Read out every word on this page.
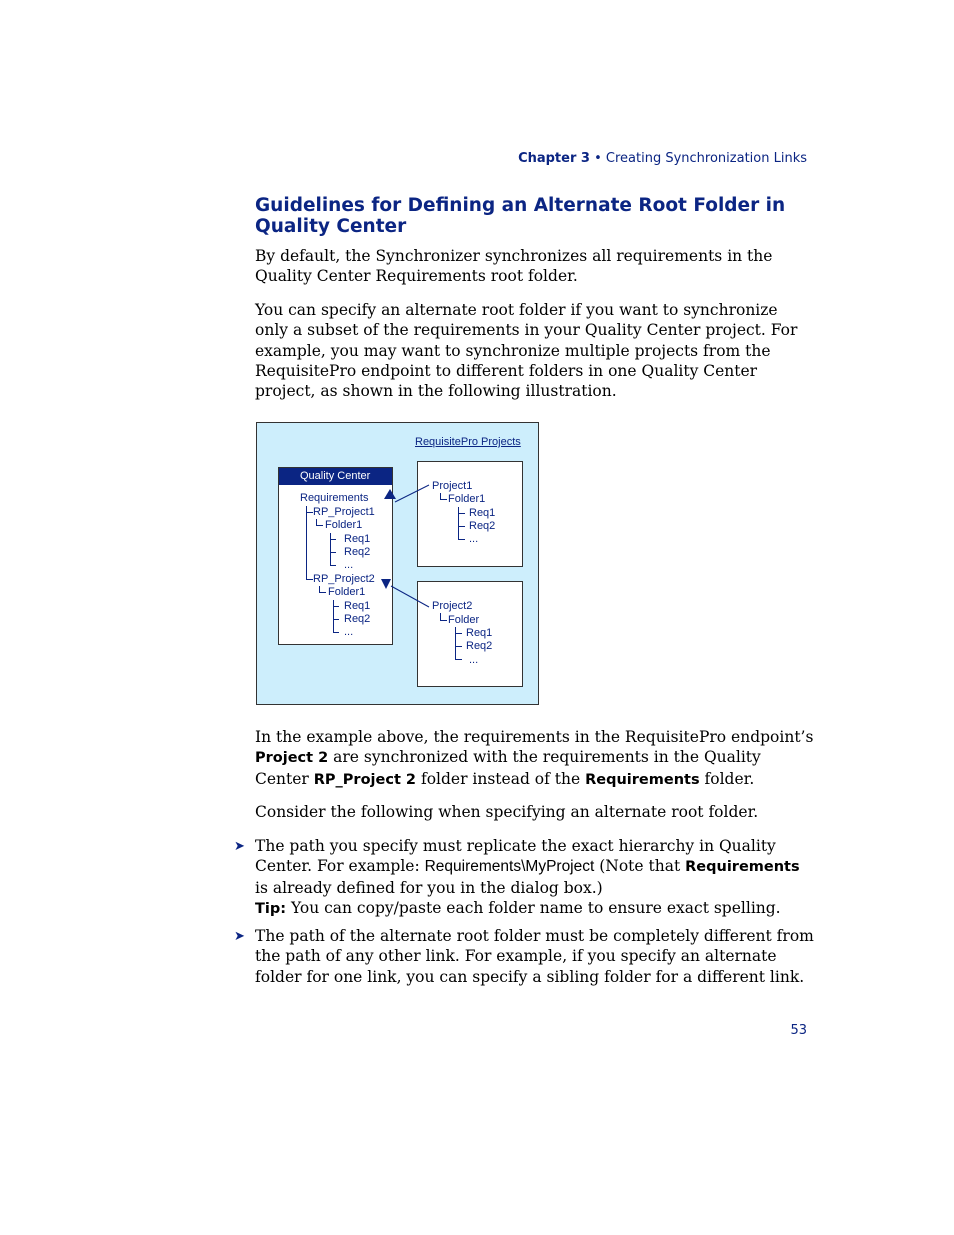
Chapter 3 • Creating Synchronization Links
Guidelines for Defining an Alternate Root Folder in Quality Center

By default, the Synchronizer synchronizes all requirements in the Quality Center Requirements root folder.

You can specify an alternate root folder if you want to synchronize only a subset of the requirements in your Quality Center project. For example, you may want to synchronize multiple projects from the RequisitePro endpoint to different folders in one Quality Center project, as shown in the following illustration.

RequisitePro Projects
Quality Center
Requirements
RP_Project1
Folder1
Req1
Req2
...
RP_Project2
Folder1
Req1
Req2
...
Project1
Folder1
Req1
Req2
...
Project2
Folder
Req1
Req2
...

In the example above, the requirements in the RequisitePro endpoint’s Project 2 are synchronized with the requirements in the Quality Center RP_Project 2 folder instead of the Requirements folder.

Consider the following when specifying an alternate root folder.

➤ The path you specify must replicate the exact hierarchy in Quality Center. For example: Requirements\MyProject (Note that Requirements is already defined for you in the dialog box.)
Tip: You can copy/paste each folder name to ensure exact spelling.

➤ The path of the alternate root folder must be completely different from the path of any other link. For example, if you specify an alternate folder for one link, you can specify a sibling folder for a different link.

53
